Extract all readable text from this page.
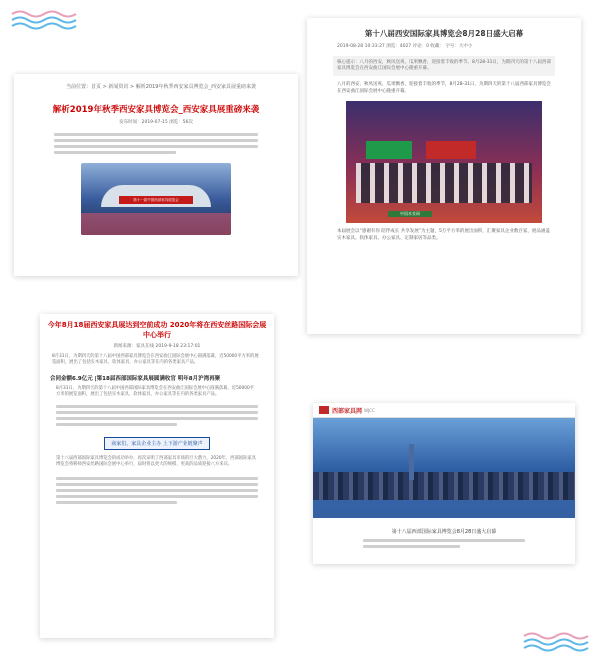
当前位置：首页 > 新闻资讯 > 解析2019年秋季西安家具博览会_西安家具展重磅来袭
解析2019年秋季西安家具博览会_西安家具展重磅来袭
发布时间：2019-07-15 浏览：56次
第十一届中国西部家具展览会
第十八届西安国际家具博览会8月28日盛大启幕
2019-08-28 10:33:27 浏览：4027 评论：0 收藏： 字号：大中小
核心提示：八月的西安，秋风送爽，瓜果飘香，迎接着丰收的季节。8月28-31日，为期四天的第十八届西部家具博览会在西安曲江国际会展中心隆重开幕。
八月的西安，秋风送爽，瓜果飘香，迎接着丰收的季节，8月28-31日，为期四天的第十八届西部家具博览会在西安曲江国际会展中心隆重开幕。
中国木业网
本届展会以“感谢有你 陪伴成长 共享发展”为主题，5万平方米的展出面积，汇聚家具企业数百家，展品涵盖实木家具、软体家具、办公家具、定制家居等品类。
今年8月18届西安家具展达到空前成功 2020年将在西安丝路国际会展中心举行
新闻来源：家具在线 2019-9-18 23:17:01
8月31日，为期四天的第十八届中国西部家具博览会在西安曲江国际会展中心圆满落幕，近50000平方米的展览面积，展出了包括实木家具、软体家具、办公家具等在内的各类家具产品。
合同金额6.9亿元 |第18届西部国际家具展圆满收官 明年8月沪湾再聚
8月31日，为期四天的第十八届中国西部国际家具博览会在西安曲江国际会展中心圆满落幕，近50000平方米的展览面积，展出了包括实木家具、软体家具、办公家具等在内的各类家具产品。
商家们、家具企业主办 上下游产业链聚声
第十八届西部国际家具博览会的成功举办，再次证明了西部家具市场的巨大潜力，2020年，西部国际家具博览会将移师西安丝路国际会展中心举行，届时将以更大的规模、更高的品质迎接八方来宾。
西部家具网 WJCC
第十八届西部国际家具博览会8月28日盛大启幕
